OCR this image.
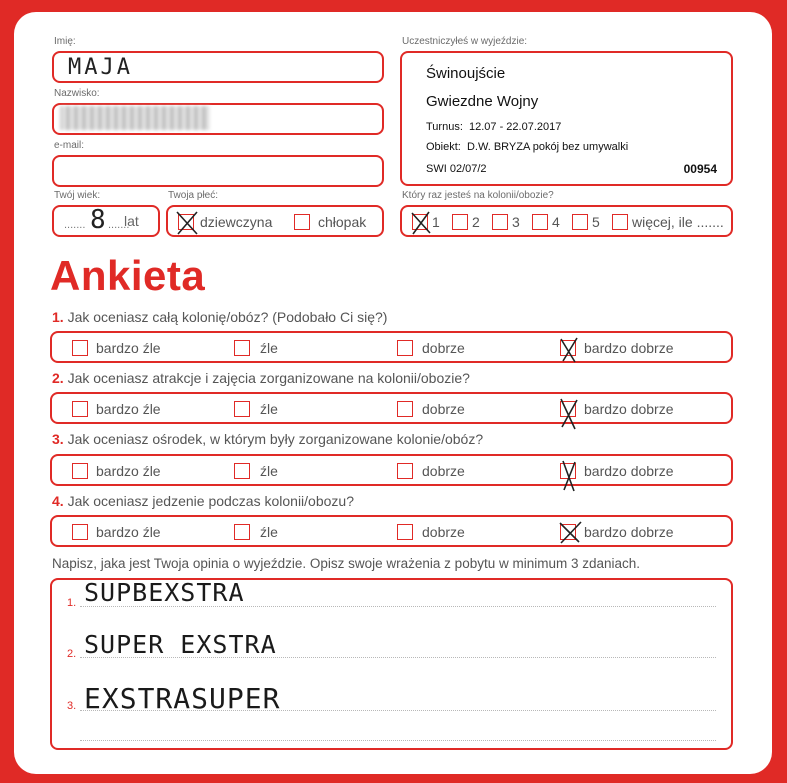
Imię:
MAJA
Nazwisko:
e-mail:
Twój wiek:
....... 8 .......
lat
Twoja płeć:
dziewczyna	chłopak
Uczestniczyłeś w wyjeździe:
Świnoujście
Gwiezdne Wojny
Turnus:  12.07 - 22.07.2017
Obiekt:  D.W. BRYZA pokój bez umywalki
SWI 02/07/2	00954
Który raz jesteś na kolonii/obozie?
1 2 3 4 5 więcej, ile .......
Ankieta
1. Jak oceniasz całą kolonię/obóz? (Podobało Ci się?)
bardzo źle	źle	dobrze	bardzo dobrze
2. Jak oceniasz atrakcje i zajęcia zorganizowane na kolonii/obozie?
bardzo źle	źle	dobrze	bardzo dobrze
3. Jak oceniasz ośrodek, w którym były zorganizowane kolonie/obóz?
bardzo źle	źle	dobrze	bardzo dobrze
4. Jak oceniasz jedzenie podczas kolonii/obozu?
bardzo źle	źle	dobrze	bardzo dobrze
Napisz, jaka jest Twoja opinia o wyjeździe. Opisz swoje wrażenia z pobytu w minimum 3 zdaniach.
1. SUPBEXSTRA
2. SUPER EXSTRA
3. EXSTRASUPER
